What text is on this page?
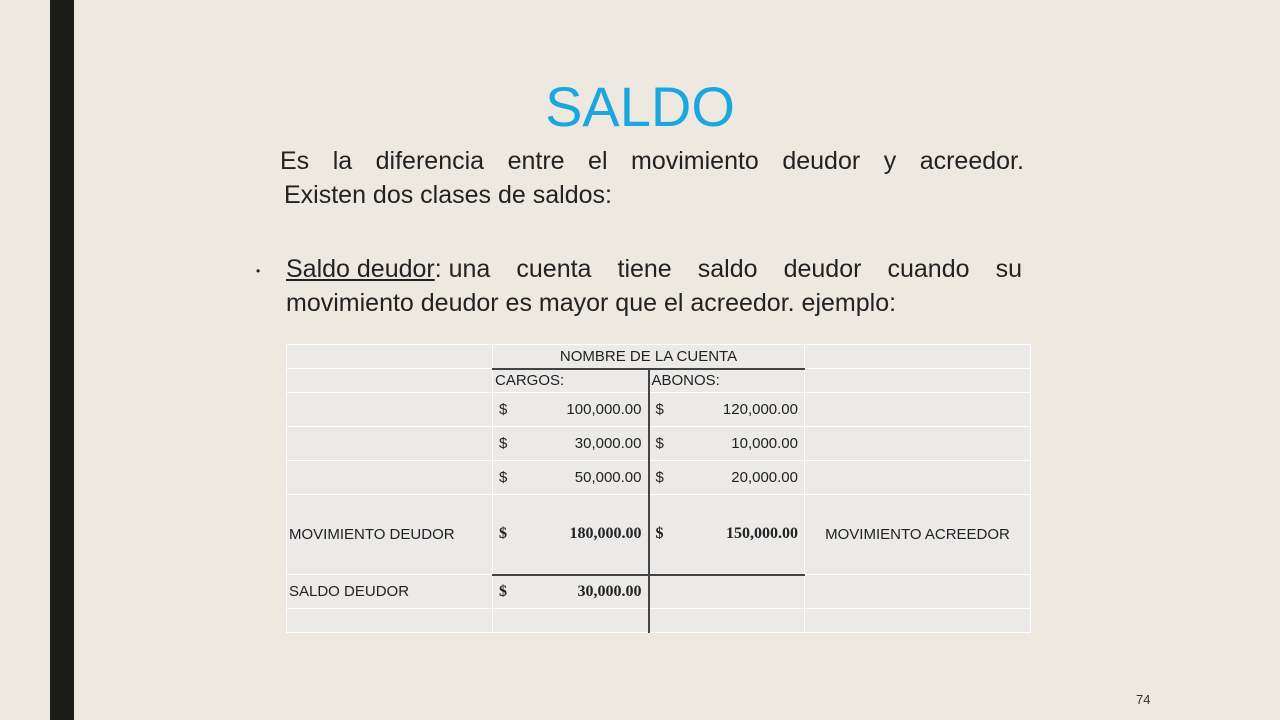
SALDO
Es la diferencia entre el movimiento deudor y acreedor.
Existen dos clases de saldos:
• Saldo deudor: una cuenta tiene saldo deudor cuando su
movimiento deudor es mayor que el acreedor. ejemplo:
	NOMBRE DE LA CUENTA		
	CARGOS:	ABONOS:	

	$ 100,000.00	$ 120,000.00	

	$ 30,000.00	$ 10,000.00	

	$ 50,000.00	$ 20,000.00	

MOVIMIENTO DEUDOR	$ 180,000.00	$ 150,000.00	MOVIMIENTO ACREEDOR
SALDO DEUDOR	$ 30,000.00		

74
